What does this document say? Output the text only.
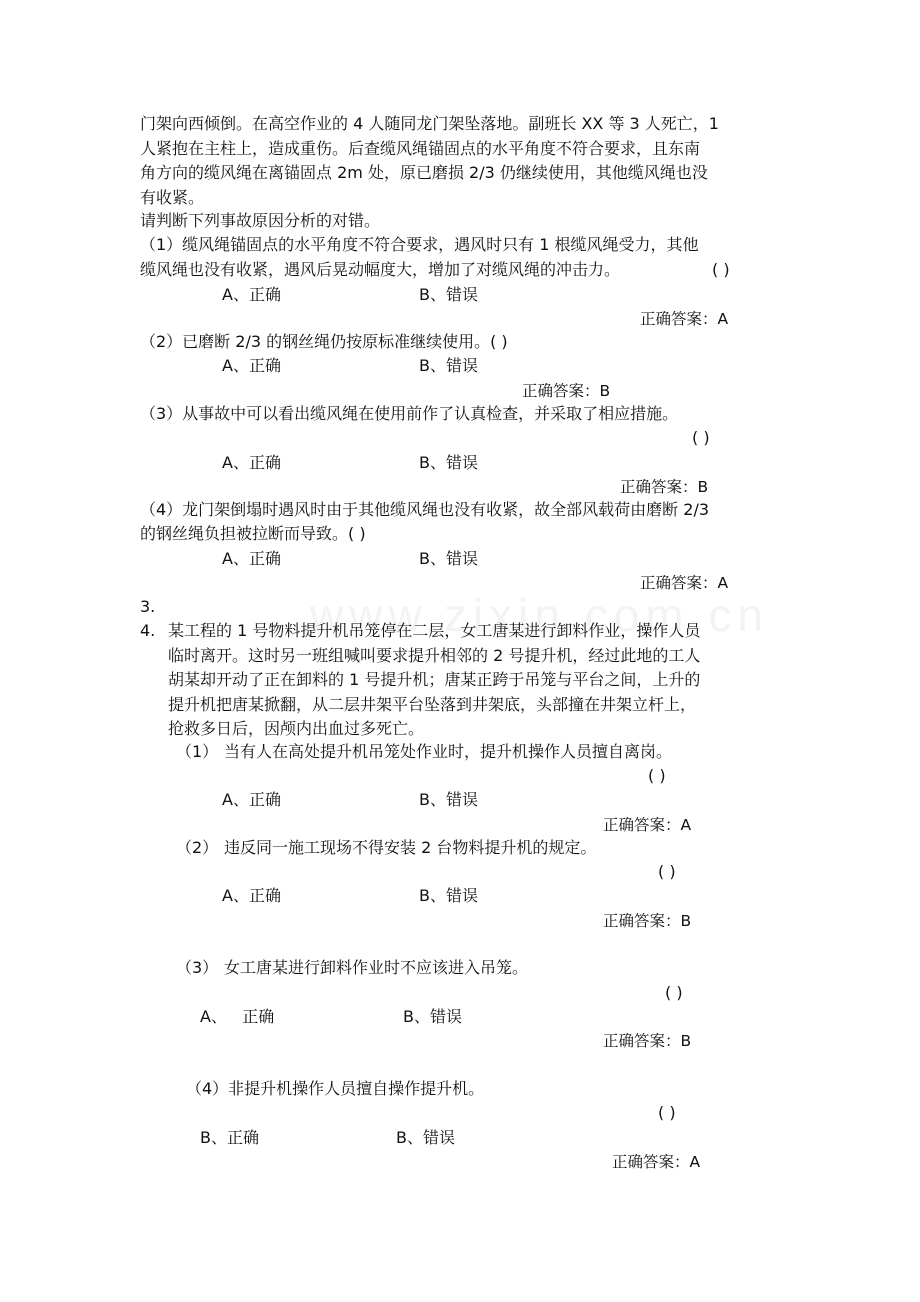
门架向西倾倒。在高空作业的 4 人随同龙门架坠落地。副班长 XX 等 3 人死亡，1
人紧抱在主柱上，造成重伤。后查缆风绳锚固点的水平角度不符合要求，且东南
角方向的缆风绳在离锚固点 2m 处，原已磨损 2/3 仍继续使用，其他缆风绳也没
有收紧。
请判断下列事故原因分析的对错。
（1）缆风绳锚固点的水平角度不符合要求，遇风时只有 1 根缆风绳受力，其他
缆风绳也没有收紧，遇风后晃动幅度大，增加了对缆风绳的冲击力。	( )
A、正确	B、错误
正确答案：A
（2）已磨断 2/3 的钢丝绳仍按原标准继续使用。( )
A、正确	B、错误
正确答案：B
（3）从事故中可以看出缆风绳在使用前作了认真检查，并采取了相应措施。
( )
A、正确	B、错误
正确答案：B
（4）龙门架倒塌时遇风时由于其他缆风绳也没有收紧，故全部风载荷由磨断 2/3
的钢丝绳负担被拉断而导致。( )
A、正确	B、错误
正确答案：A
3.
4. 某工程的 1 号物料提升机吊笼停在二层，女工唐某进行卸料作业，操作人员
临时离开。这时另一班组喊叫要求提升相邻的 2 号提升机，经过此地的工人
胡某却开动了正在卸料的 1 号提升机；唐某正跨于吊笼与平台之间，上升的
提升机把唐某掀翻，从二层井架平台坠落到井架底，头部撞在井架立杆上，
抢救多日后，因颅内出血过多死亡。
（1） 当有人在高处提升机吊笼处作业时，提升机操作人员擅自离岗。
( )
A、正确	B、错误
正确答案：A
（2） 违反同一施工现场不得安装 2 台物料提升机的规定。
( )
A、正确	B、错误
正确答案：B
（3） 女工唐某进行卸料作业时不应该进入吊笼。
( )
A、   正确	B、错误
正确答案：B
（4）非提升机操作人员擅自操作提升机。
( )
B、正确	B、错误
正确答案：A
